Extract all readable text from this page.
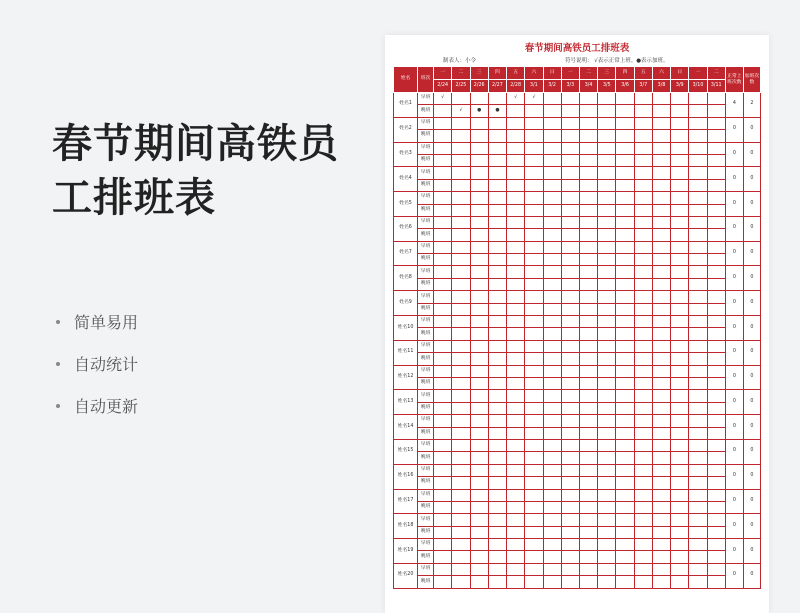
春节期间高铁员工排班表
简单易用
自动统计
自动更新
春节期间高铁员工排班表
制表人：小令	符号说明： √表示正常上班。●表示加班。
姓名	班次	一	二	三	四	五	六	日	一	二	三	四	五	六	日	一	二	正常上班次数	加班次数
		2/24	2/25	2/26	2/27	2/28	3/1	3/2	3/3	3/4	3/5	3/6	3/7	3/8	3/9	3/10	3/11		
姓名1	早班	√				√	√											4	2
	晚班		√	●	●														
姓名2	早班																	0	0
	晚班																		
姓名3	早班																	0	0
	晚班																		
姓名4	早班																	0	0
	晚班																		
姓名5	早班																	0	0
	晚班																		
姓名6	早班																	0	0
	晚班																		
姓名7	早班																	0	0
	晚班																		
姓名8	早班																	0	0
	晚班																		
姓名9	早班																	0	0
	晚班																		
姓名10	早班																	0	0
	晚班																		
姓名11	早班																	0	0
	晚班																		
姓名12	早班																	0	0
	晚班																		
姓名13	早班																	0	0
	晚班																		
姓名14	早班																	0	0
	晚班																		
姓名15	早班																	0	0
	晚班																		
姓名16	早班																	0	0
	晚班																		
姓名17	早班																	0	0
	晚班																		
姓名18	早班																	0	0
	晚班																		
姓名19	早班																	0	0
	晚班																		
姓名20	早班																	0	0
	晚班																		
